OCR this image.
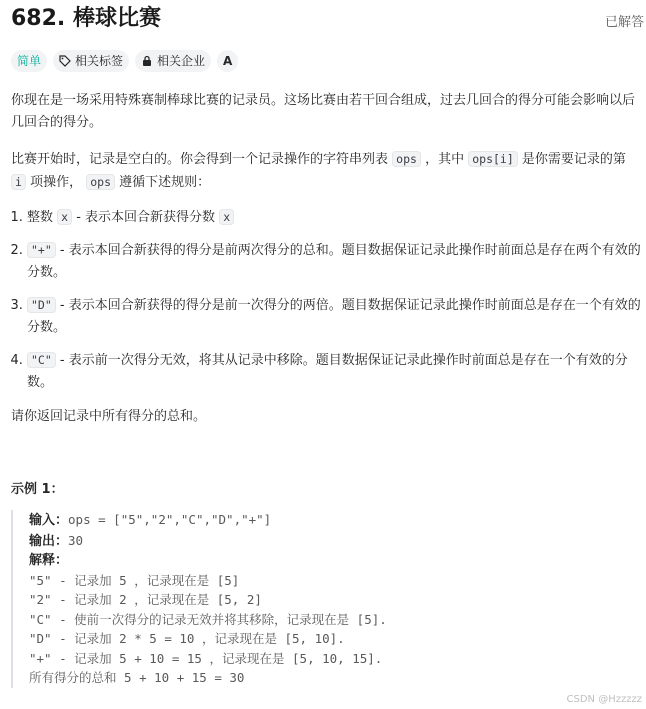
682. 棒球比赛	已解答
简单	相关标签	相关企业 A

你现在是一场采用特殊赛制棒球比赛的记录员。这场比赛由若干回合组成，过去几回合的得分可能会影响以后几回合的得分。

比赛开始时，记录是空白的。你会得到一个记录操作的字符串列表 ops ，其中 ops[i] 是你需要记录的第 i 项操作， ops 遵循下述规则：

1. 整数 x - 表示本回合新获得分数 x
2. "+" - 表示本回合新获得的得分是前两次得分的总和。题目数据保证记录此操作时前面总是存在两个有效的分数。
3. "D" - 表示本回合新获得的得分是前一次得分的两倍。题目数据保证记录此操作时前面总是存在一个有效的分数。
4. "C" - 表示前一次得分无效，将其从记录中移除。题目数据保证记录此操作时前面总是存在一个有效的分数。

请你返回记录中所有得分的总和。

示例 1：
输入：ops = ["5","2","C","D","+"]
输出：30
解释：
"5" - 记录加 5 ，记录现在是 [5]
"2" - 记录加 2 ，记录现在是 [5, 2]
"C" - 使前一次得分的记录无效并将其移除，记录现在是 [5].
"D" - 记录加 2 * 5 = 10 ，记录现在是 [5, 10].
"+" - 记录加 5 + 10 = 15 ，记录现在是 [5, 10, 15].
所有得分的总和 5 + 10 + 15 = 30
CSDN @Hzzzzz
